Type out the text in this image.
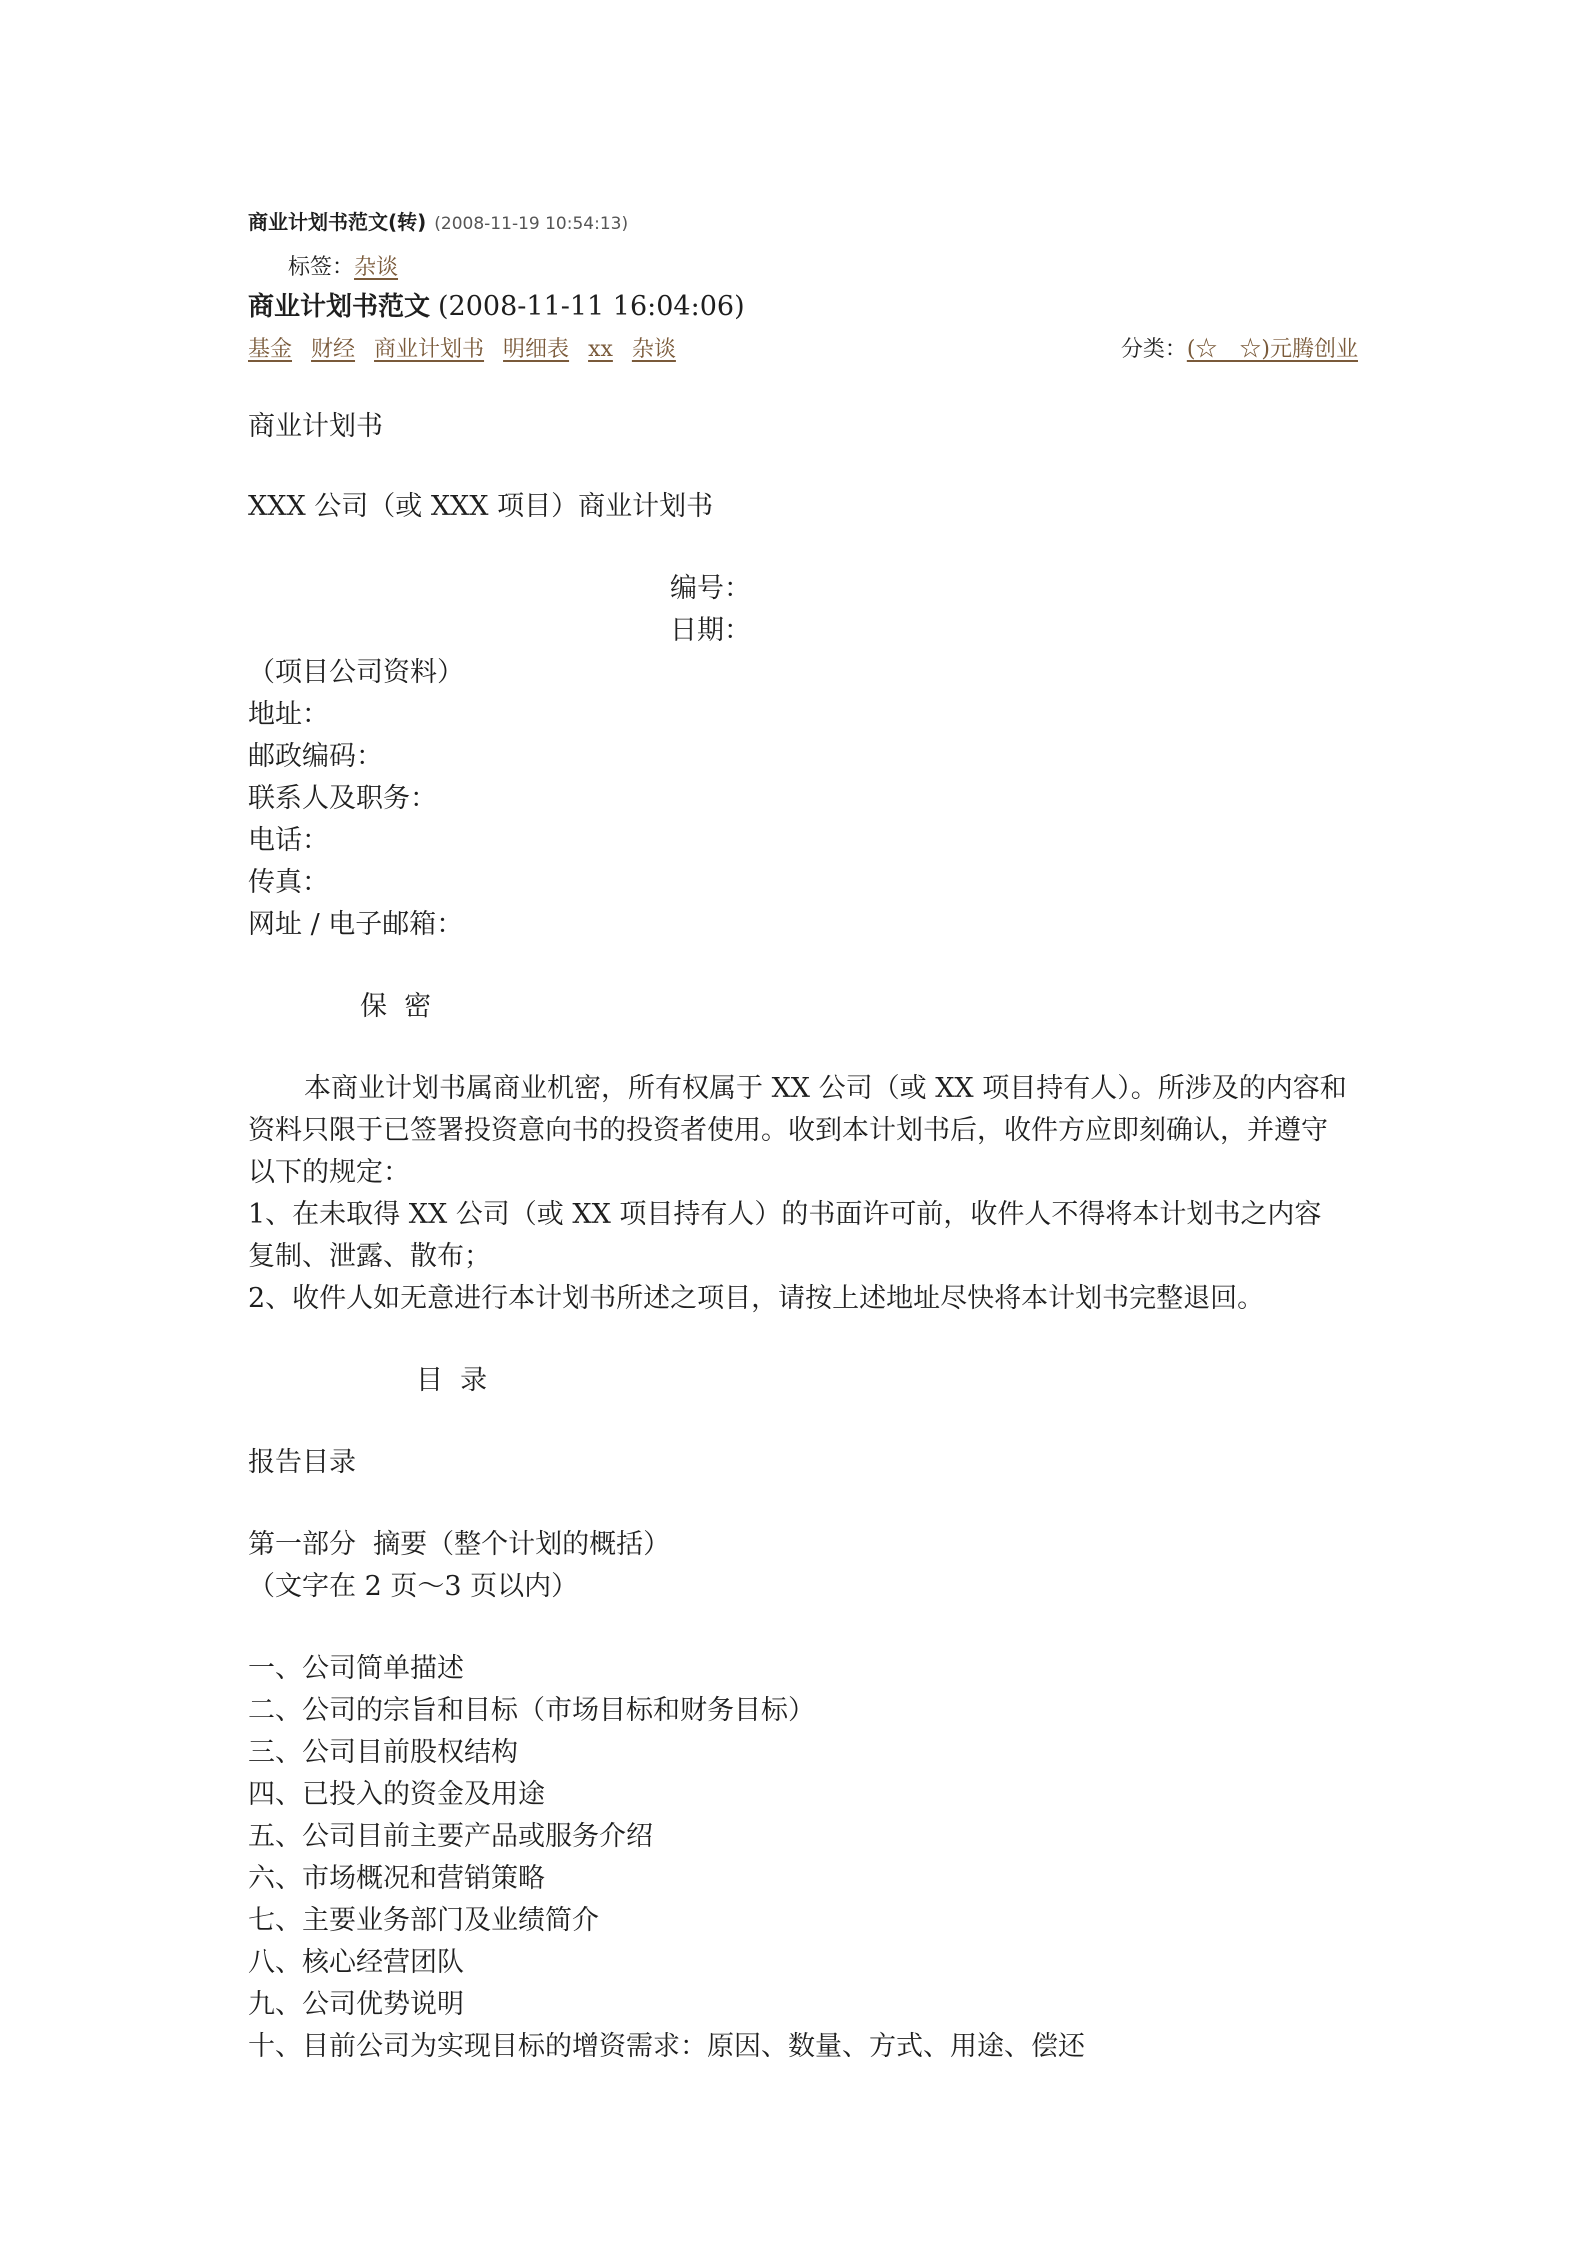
商业计划书范文(转) (2008-11-19 10:54:13)
标签：杂谈
商业计划书范文 (2008-11-11 16:04:06)
基金 财经 商业计划书 明细表 xx 杂谈	分类：(☆__☆)元腾创业
商业计划书
XXX 公司（或 XXX 项目）商业计划书
编号：
日期：
（项目公司资料）
地址：
邮政编码：
联系人及职务：
电话：
传真：
网址 / 电子邮箱：
保  密
本商业计划书属商业机密，所有权属于 XX 公司（或 XX 项目持有人）。所涉及的内容和
资料只限于已签署投资意向书的投资者使用。收到本计划书后，收件方应即刻确认，并遵守
以下的规定：
1、在未取得 XX 公司（或 XX 项目持有人）的书面许可前，收件人不得将本计划书之内容
复制、泄露、散布；
2、收件人如无意进行本计划书所述之项目，请按上述地址尽快将本计划书完整退回。
目  录
报告目录
第一部分  摘要（整个计划的概括）
（文字在 2 页～3 页以内）
一、公司简单描述
二、公司的宗旨和目标（市场目标和财务目标）
三、公司目前股权结构
四、已投入的资金及用途
五、公司目前主要产品或服务介绍
六、市场概况和营销策略
七、主要业务部门及业绩简介
八、核心经营团队
九、公司优势说明
十、目前公司为实现目标的增资需求：原因、数量、方式、用途、偿还
